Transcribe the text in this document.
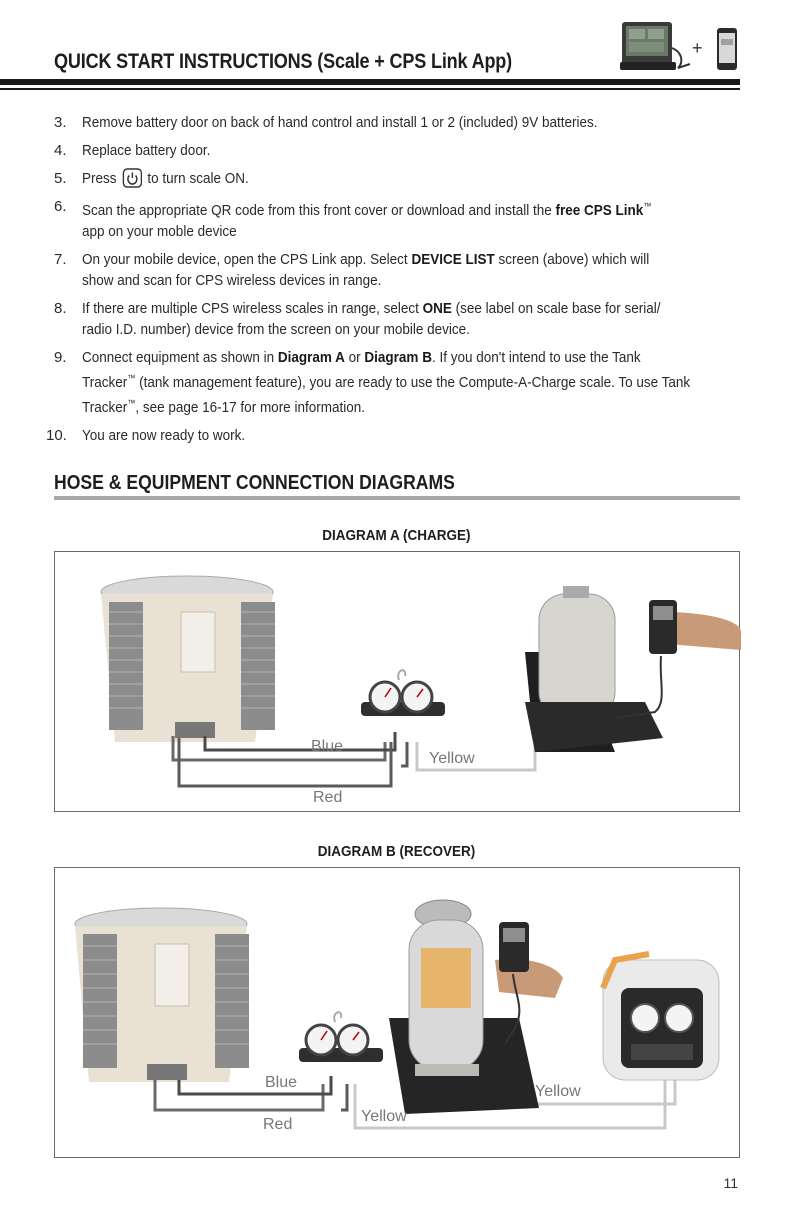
QUICK START INSTRUCTIONS (Scale + CPS Link App)
+
3.	Remove battery door on back of hand control and install 1 or 2 (included) 9V batteries.
4.	Replace battery door.
5.	Press to turn scale ON.
6.	Scan the appropriate QR code from this front cover or download and install the free CPS Link™
app on your moble device
7.	On your mobile device, open the CPS Link app. Select DEVICE LIST screen (above) which will
show and scan for CPS wireless devices in range.
8.	If there are multiple CPS wireless scales in range, select ONE (see label on scale base for serial/
radio I.D. number) device from the screen on your mobile device.
9.	Connect equipment as shown in Diagram A or Diagram B. If you don't intend to use the Tank
Tracker™ (tank management feature), you are ready to use the Compute-A-Charge scale. To use Tank
Tracker™, see page 16-17 for more information.
10.	You are now ready to work.
HOSE & EQUIPMENT CONNECTION DIAGRAMS
DIAGRAM A (CHARGE)
Blue
Yellow
Red
DIAGRAM B (RECOVER)
Blue
Yellow
Yellow
Red
11
